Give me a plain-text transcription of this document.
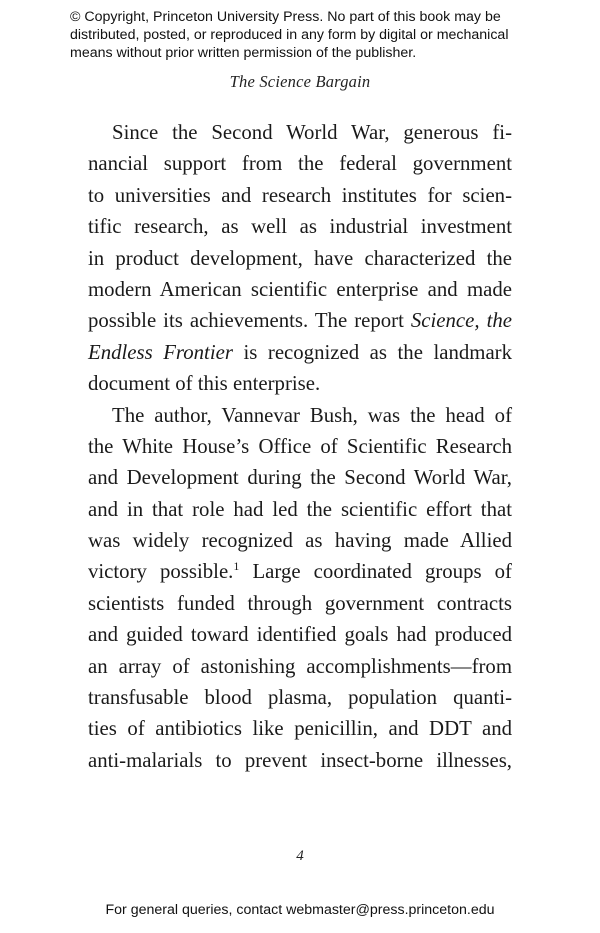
© Copyright, Princeton University Press. No part of this book may be
distributed, posted, or reproduced in any form by digital or mechanical
means without prior written permission of the publisher.
The Science Bargain
Since the Second World War, generous fi-
nancial support from the federal government
to universities and research institutes for scien-
tific research, as well as industrial investment
in product development, have characterized the
modern American scientific enterprise and made
possible its achievements. The report Science, the
Endless Frontier is recognized as the landmark
document of this enterprise.
The author, Vannevar Bush, was the head of
the White House’s Office of Scientific Research
and Development during the Second World War,
and in that role had led the scientific effort that
was widely recognized as having made Allied
victory possible.$^1$ Large coordinated groups of
scientists funded through government contracts
and guided toward identified goals had produced
an array of astonishing accomplishments—from
transfusable blood plasma, population quanti-
ties of antibiotics like penicillin, and DDT and
anti-malarials to prevent insect-borne illnesses,
4
For general queries, contact webmaster@press.princeton.edu
